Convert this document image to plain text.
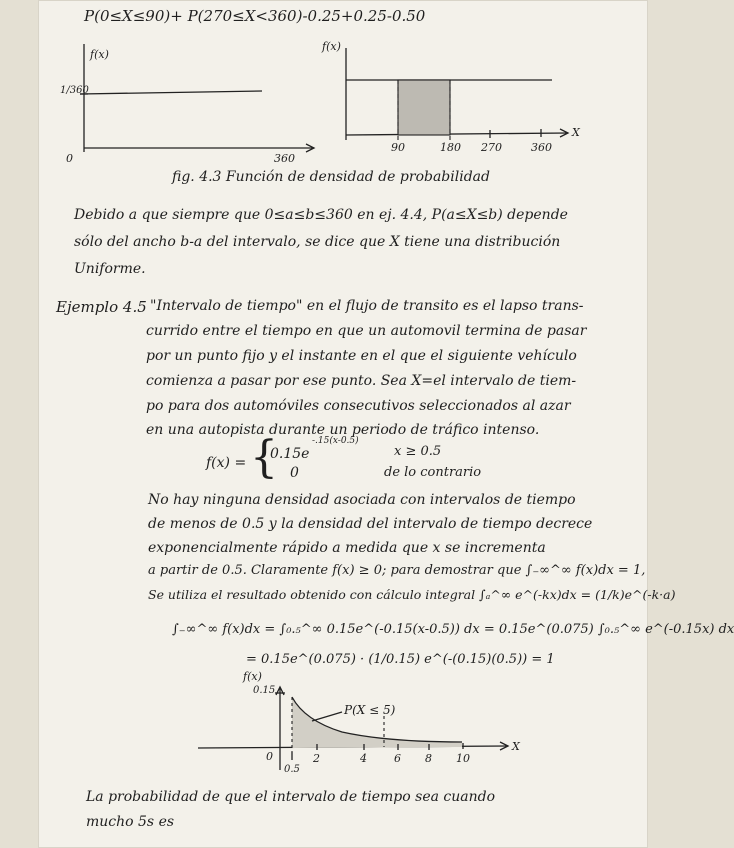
P(0≤X≤90)+ P(270≤X<360)-0.25+0.25-0.50
f(x)
1/360
0	360
f(x)
X
90	180 270	360
fig. 4.3 Función de densidad de probabilidad
Debido a que siempre que 0≤a≤b≤360 en ej. 4.4, P(a≤X≤b) depende
sólo del ancho b-a del intervalo, se dice que X tiene una distribución
Uniforme.
Ejemplo 4.5 "Intervalo de tiempo" en el flujo de transito es el lapso trans-
currido entre el tiempo en que un automovil termina de pasar
por un punto fijo y el instante en el que el siguiente vehículo
comienza a pasar por ese punto. Sea X=el intervalo de tiem-
po para dos automóviles consecutivos seleccionados al azar
en una autopista durante un periodo de tráfico intenso.
f(x) = {
0.15e
-.15(x-0.5)
x ≥ 0.5
0	de lo contrario
No hay ninguna densidad asociada con intervalos de tiempo
de menos de 0.5 y la densidad del intervalo de tiempo decrece
exponencialmente rápido a medida que x se incrementa
a partir de 0.5. Claramente f(x) ≥ 0; para demostrar que ∫₋∞^∞ f(x)dx = 1,
Se utiliza el resultado obtenido con cálculo integral ∫ₐ^∞ e^(-kx)dx = (1/k)e^(-k·a)
∫₋∞^∞ f(x)dx = ∫₀.₅^∞ 0.15e^(-0.15(x-0.5)) dx = 0.15e^(0.075) ∫₀.₅^∞ e^(-0.15x) dx
= 0.15e^(0.075) · (1/0.15) e^(-(0.15)(0.5)) = 1
f(x)
0.15
0	2	4 6 8 10
0.5
X
P(X ≤ 5)
La probabilidad de que el intervalo de tiempo sea cuando
mucho 5s es
